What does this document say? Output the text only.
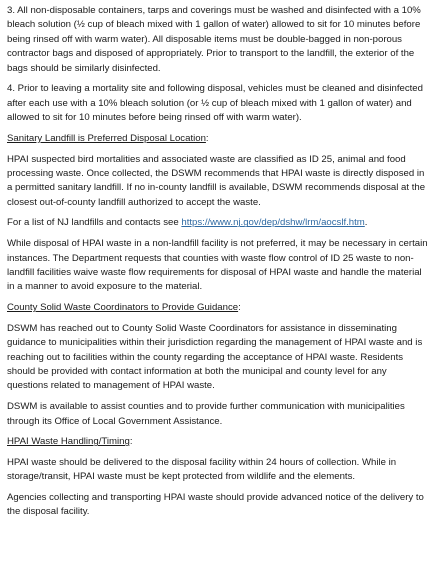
3. All non-disposable containers, tarps and coverings must be washed and disinfected with a 10% bleach solution (½ cup of bleach mixed with 1 gallon of water) allowed to sit for 10 minutes before being rinsed off with warm water). All disposable items must be double-bagged in non-porous contractor bags and disposed of appropriately. Prior to transport to the landfill, the exterior of the bags should be similarly disinfected.

4. Prior to leaving a mortality site and following disposal, vehicles must be cleaned and disinfected after each use with a 10% bleach solution (or ½ cup of bleach mixed with 1 gallon of water) and allowed to sit for 10 minutes before being rinsed off with warm water).

Sanitary Landfill is Preferred Disposal Location:

HPAI suspected bird mortalities and associated waste are classified as ID 25, animal and food processing waste. Once collected, the DSWM recommends that HPAI waste is directly disposed in a permitted sanitary landfill. If no in-county landfill is available, DSWM recommends disposal at the closest out-of-county landfill authorized to accept the waste.

For a list of NJ landfills and contacts see https://www.nj.gov/dep/dshw/lrm/aocslf.htm.

While disposal of HPAI waste in a non-landfill facility is not preferred, it may be necessary in certain instances. The Department requests that counties with waste flow control of ID 25 waste to non-landfill facilities waive waste flow requirements for disposal of HPAI waste and handle the material in a manner to avoid exposure to the material.

County Solid Waste Coordinators to Provide Guidance:

DSWM has reached out to County Solid Waste Coordinators for assistance in disseminating guidance to municipalities within their jurisdiction regarding the management of HPAI waste and is reaching out to facilities within the county regarding the acceptance of HPAI waste. Residents should be provided with contact information at both the municipal and county level for any questions related to management of HPAI waste.

DSWM is available to assist counties and to provide further communication with municipalities through its Office of Local Government Assistance.

HPAI Waste Handling/Timing:

HPAI waste should be delivered to the disposal facility within 24 hours of collection. While in storage/transit, HPAI waste must be kept protected from wildlife and the elements.

Agencies collecting and transporting HPAI waste should provide advanced notice of the delivery to the disposal facility.
